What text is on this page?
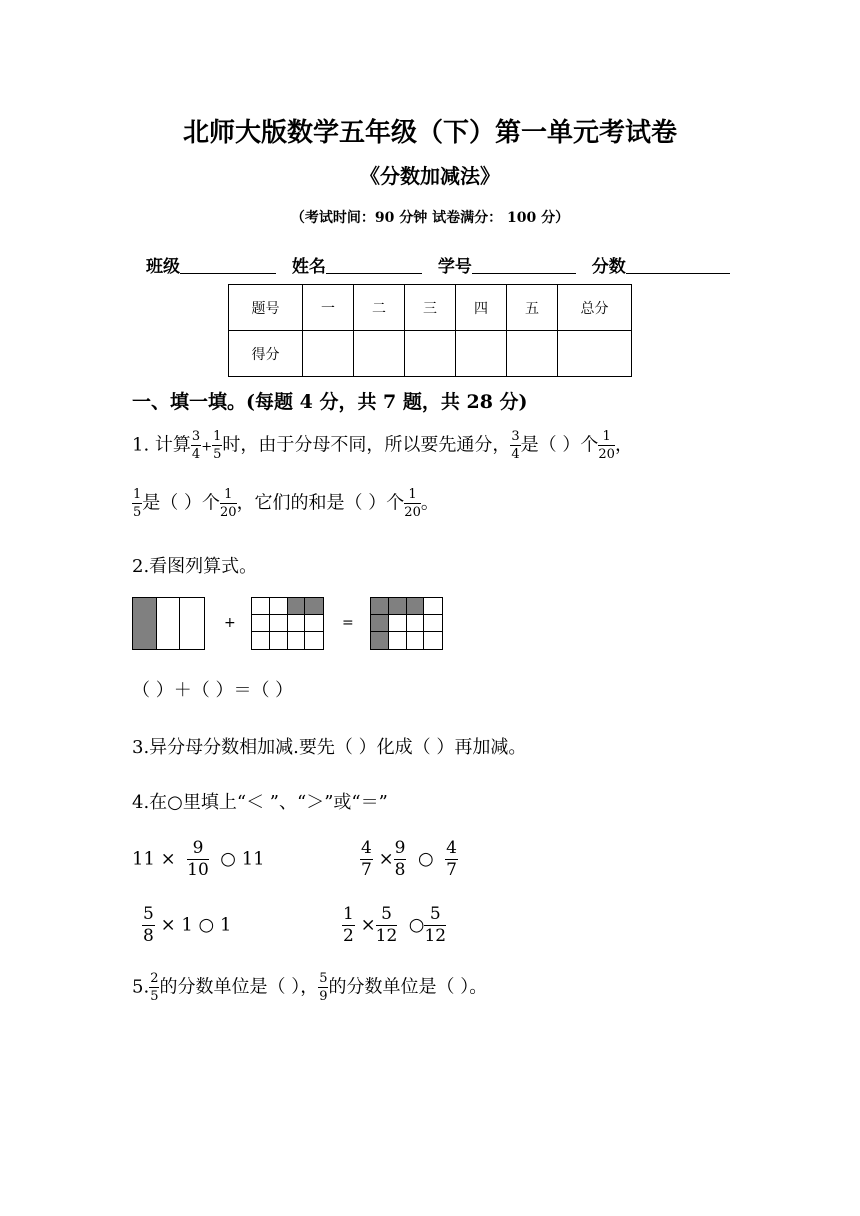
北师大版数学五年级（下）第一单元考试卷
《分数加减法》
（考试时间：90 分钟 试卷满分： 100 分）
班级	姓名	学号	分数
题号	一	二	三	四	五	总分
得分						
一、填一填。(每题 4 分，共 7 题，共 28 分)
1. 计算 $\frac{3}{4} + \frac{1}{5}$ 时，由于分母不同，所以要先通分， $\frac{3}{4}$ 是（ ）个 $\frac{1}{20}$ ，
$\frac{1}{5}$ 是（ ）个 $\frac{1}{20}$ ，它们的和是（ ）个 $\frac{1}{20}$ 。
2.看图列算式。
+	=
（ ）＋（ ）＝（ ）
3.异分母分数相加减.要先（ ）化成（ ）再加减。
4.在○里填上“＜ ”、“＞”或“＝”
$11 \times \frac{9}{10}$ ○ 11	$\frac{4}{7} \times \frac{9}{8}$ ○ $\frac{4}{7}$
$\frac{5}{8} \times 1$ ○ 1	$\frac{1}{2} \times \frac{5}{12}$ ○ $\frac{5}{12}$
5. $\frac{2}{5}$ 的分数单位是（ ）， $\frac{5}{9}$ 的分数单位是（ ）。
